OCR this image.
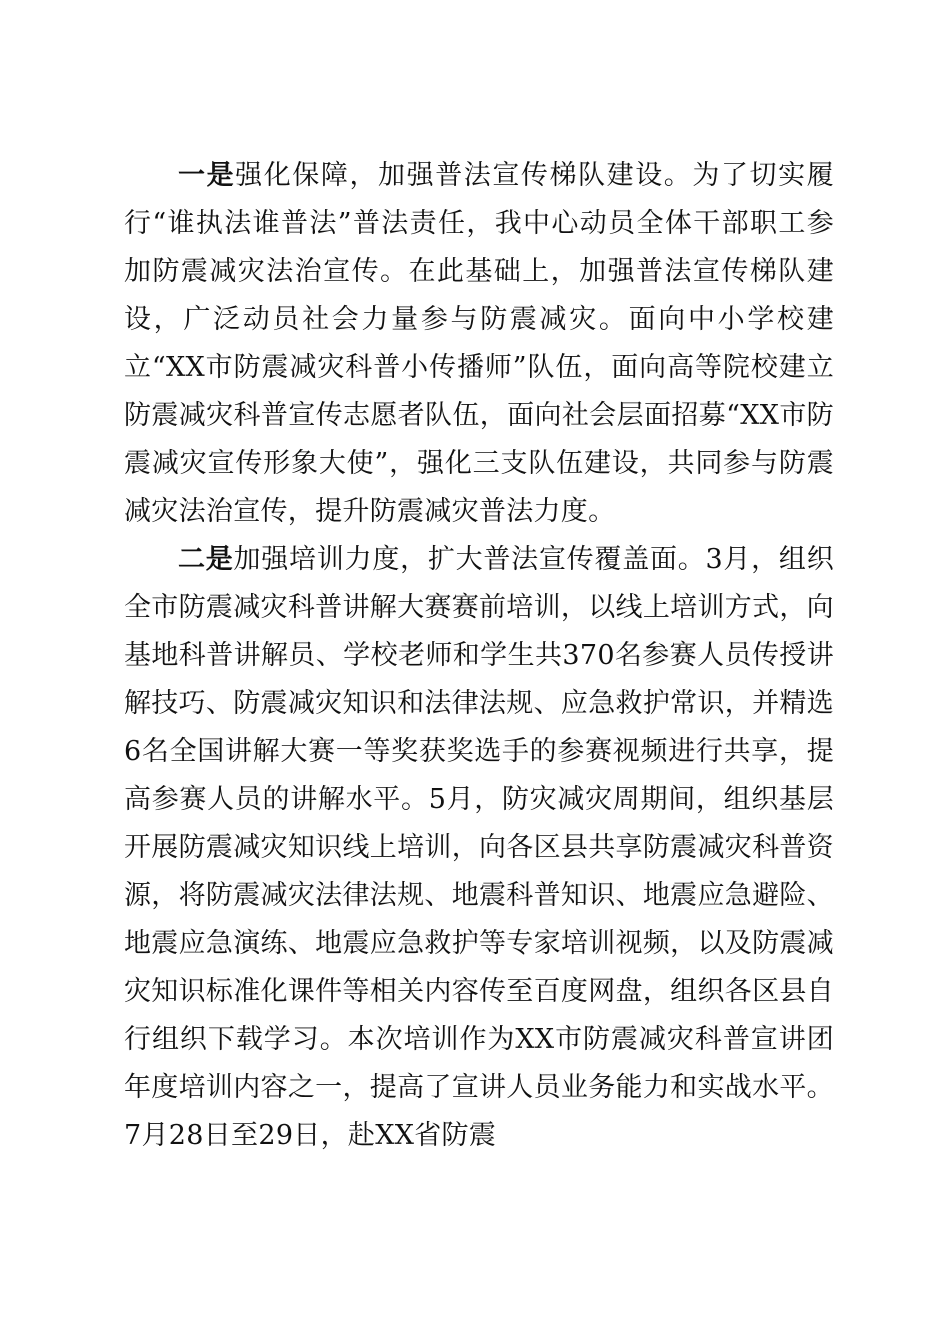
一是强化保障，加强普法宣传梯队建设。为了切实履行“谁执法谁普法”普法责任，我中心动员全体干部职工参加防震减灾法治宣传。在此基础上，加强普法宣传梯队建设，广泛动员社会力量参与防震减灾。面向中小学校建立“XX市防震减灾科普小传播师”队伍，面向高等院校建立防震减灾科普宣传志愿者队伍，面向社会层面招募“XX市防震减灾宣传形象大使”，强化三支队伍建设，共同参与防震减灾法治宣传，提升防震减灾普法力度。

二是加强培训力度，扩大普法宣传覆盖面。3月，组织全市防震减灾科普讲解大赛赛前培训，以线上培训方式，向基地科普讲解员、学校老师和学生共370名参赛人员传授讲解技巧、防震减灾知识和法律法规、应急救护常识，并精选6名全国讲解大赛一等奖获奖选手的参赛视频进行共享，提高参赛人员的讲解水平。5月，防灾减灾周期间，组织基层开展防震减灾知识线上培训，向各区县共享防震减灾科普资源，将防震减灾法律法规、地震科普知识、地震应急避险、地震应急演练、地震应急救护等专家培训视频，以及防震减灾知识标准化课件等相关内容传至百度网盘，组织各区县自行组织下载学习。本次培训作为XX市防震减灾科普宣讲团年度培训内容之一，提高了宣讲人员业务能力和实战水平。7月28日至29日，赴XX省防震
